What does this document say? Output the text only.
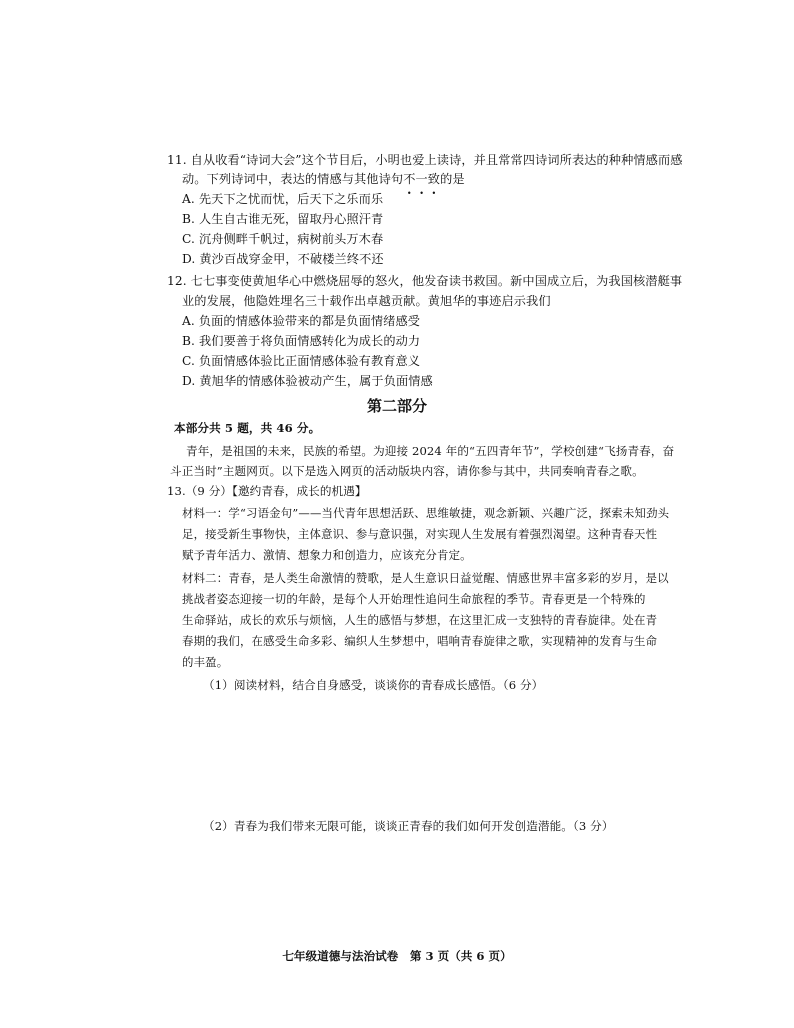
11. 自从收看“诗词大会”这个节目后，小明也爱上读诗，并且常常四诗词所表达的种种情感而感
动。下列诗词中，表达的情感与其他诗句不一致的是
A. 先天下之忧而忧，后天下之乐而乐
B. 人生自古谁无死，留取丹心照汗青
C. 沉舟侧畔千帆过，病树前头万木春
D. 黄沙百战穿金甲，不破楼兰终不还
12. 七七事变使黄旭华心中燃烧屈辱的怒火，他发奋读书救国。新中国成立后，为我国核潜艇事
业的发展，他隐姓埋名三十载作出卓越贡献。黄旭华的事迹启示我们
A. 负面的情感体验带来的都是负面情绪感受
B. 我们要善于将负面情感转化为成长的动力
C. 负面情感体验比正面情感体验有教育意义
D. 黄旭华的情感体验被动产生，属于负面情感
第二部分
本部分共 5 题，共 46 分。
青年，是祖国的未来，民族的希望。为迎接 2024 年的“五四青年节”，学校创建“飞扬青春，奋
斗正当时”主题网页。以下是选入网页的活动版块内容，请你参与其中，共同奏响青春之歌。
13.（9 分）【邀约青春，成长的机遇】
材料一：学“习语金句”——当代青年思想活跃、思维敏捷，观念新颖、兴趣广泛，探索未知劲头
足，接受新生事物快，主体意识、参与意识强，对实现人生发展有着强烈渴望。这种青春天性
赋予青年活力、激情、想象力和创造力，应该充分肯定。
材料二：青春，是人类生命激情的赞歌，是人生意识日益觉醒、情感世界丰富多彩的岁月，是以
挑战者姿态迎接一切的年龄，是每个人开始理性追问生命旅程的季节。青春更是一个特殊的
生命驿站，成长的欢乐与烦恼，人生的感悟与梦想，在这里汇成一支独特的青春旋律。处在青
春期的我们，在感受生命多彩、编织人生梦想中，唱响青春旋律之歌，实现精神的发育与生命
的丰盈。
（1）阅读材料，结合自身感受，谈谈你的青春成长感悟。（6 分）
（2）青春为我们带来无限可能，谈谈正青春的我们如何开发创造潜能。（3 分）
七年级道德与法治试卷　第 3 页（共 6 页）
